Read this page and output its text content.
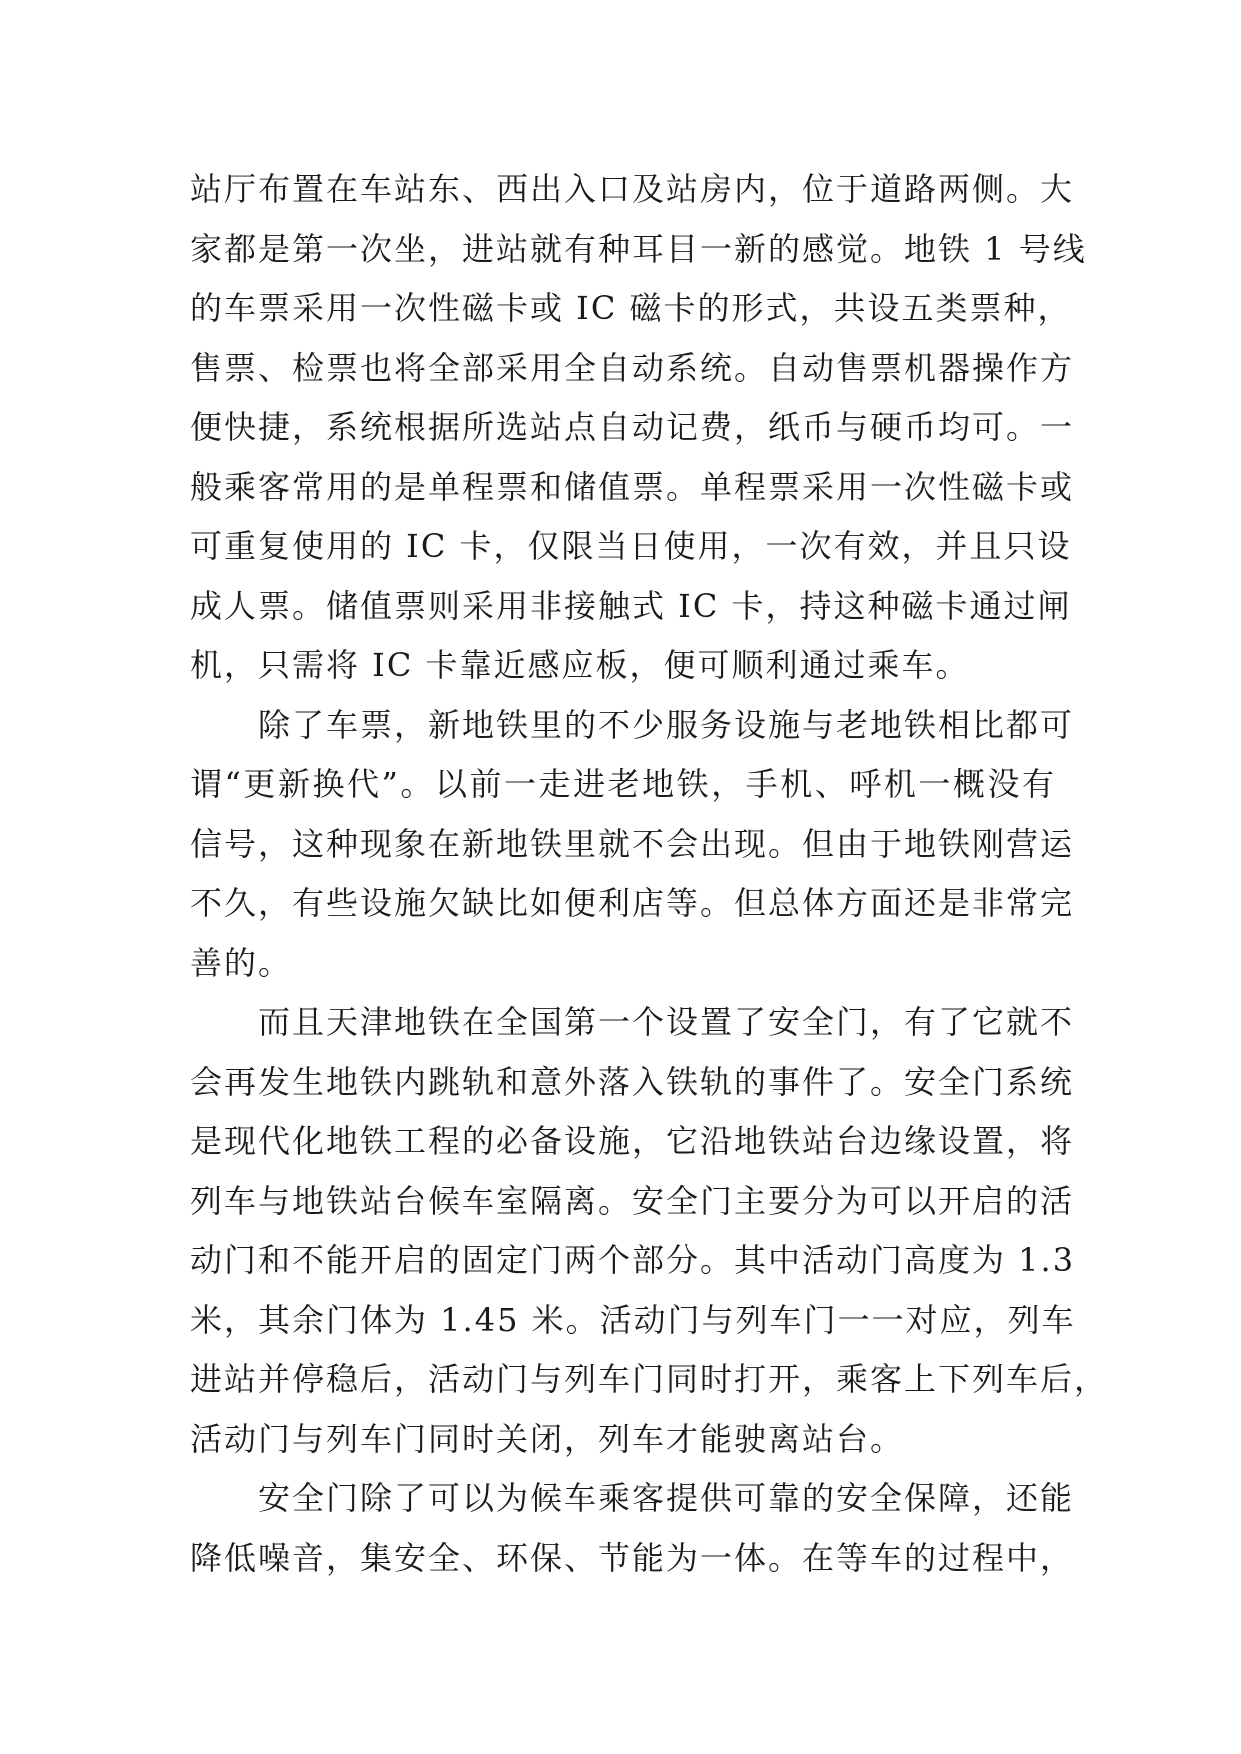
站厅布置在车站东、西出入口及站房内，位于道路两侧。大
家都是第一次坐，进站就有种耳目一新的感觉。地铁 1 号线
的车票采用一次性磁卡或 IC 磁卡的形式，共设五类票种，
售票、检票也将全部采用全自动系统。自动售票机器操作方
便快捷，系统根据所选站点自动记费，纸币与硬币均可。一
般乘客常用的是单程票和储值票。单程票采用一次性磁卡或
可重复使用的 IC 卡，仅限当日使用，一次有效，并且只设
成人票。储值票则采用非接触式 IC 卡，持这种磁卡通过闸
机，只需将 IC 卡靠近感应板，便可顺利通过乘车。
除了车票，新地铁里的不少服务设施与老地铁相比都可
谓“更新换代”。以前一走进老地铁，手机、呼机一概没有
信号，这种现象在新地铁里就不会出现。但由于地铁刚营运
不久，有些设施欠缺比如便利店等。但总体方面还是非常完
善的。
而且天津地铁在全国第一个设置了安全门，有了它就不
会再发生地铁内跳轨和意外落入铁轨的事件了。安全门系统
是现代化地铁工程的必备设施，它沿地铁站台边缘设置，将
列车与地铁站台候车室隔离。安全门主要分为可以开启的活
动门和不能开启的固定门两个部分。其中活动门高度为 1.3
米，其余门体为 1.45 米。活动门与列车门一一对应，列车
进站并停稳后，活动门与列车门同时打开，乘客上下列车后，
活动门与列车门同时关闭，列车才能驶离站台。
安全门除了可以为候车乘客提供可靠的安全保障，还能
降低噪音，集安全、环保、节能为一体。在等车的过程中，
